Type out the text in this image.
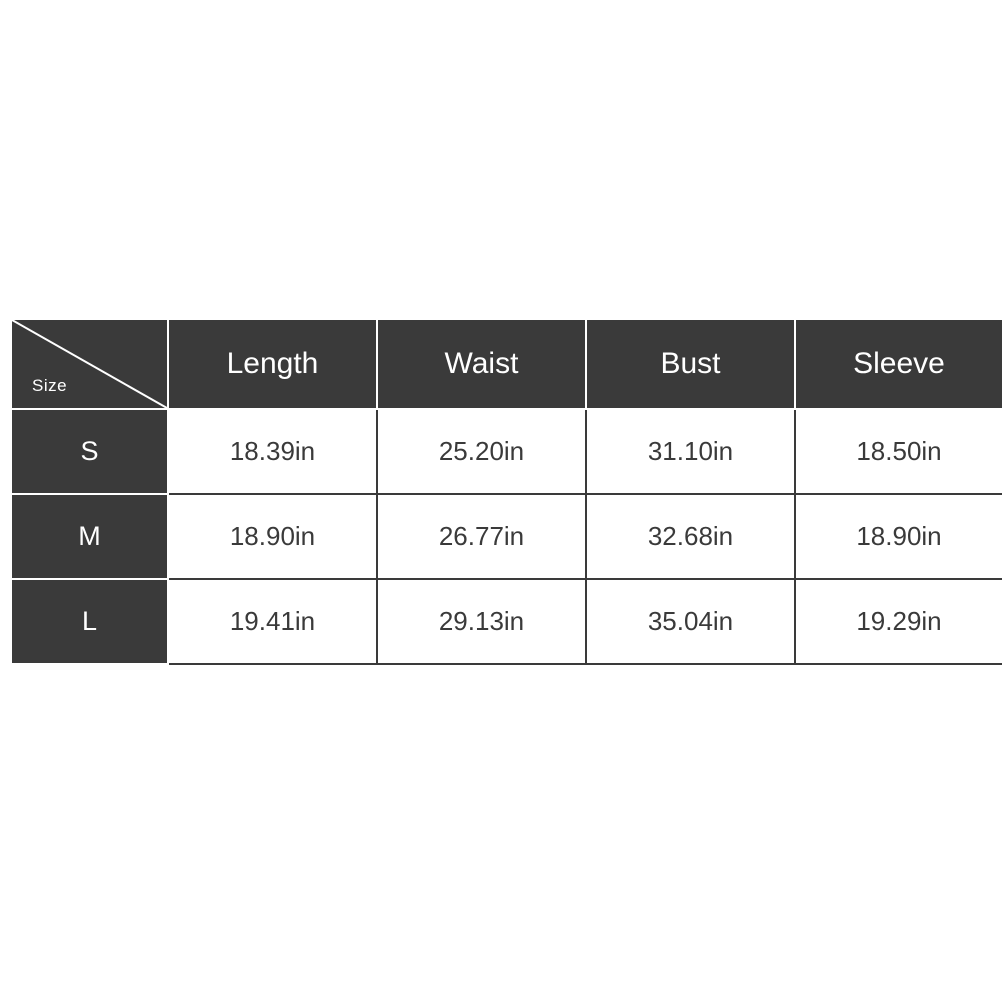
Size	Length	Waist	Bust	Sleeve
S	18.39in	25.20in	31.10in	18.50in
M	18.90in	26.77in	32.68in	18.90in
L	19.41in	29.13in	35.04in	19.29in
